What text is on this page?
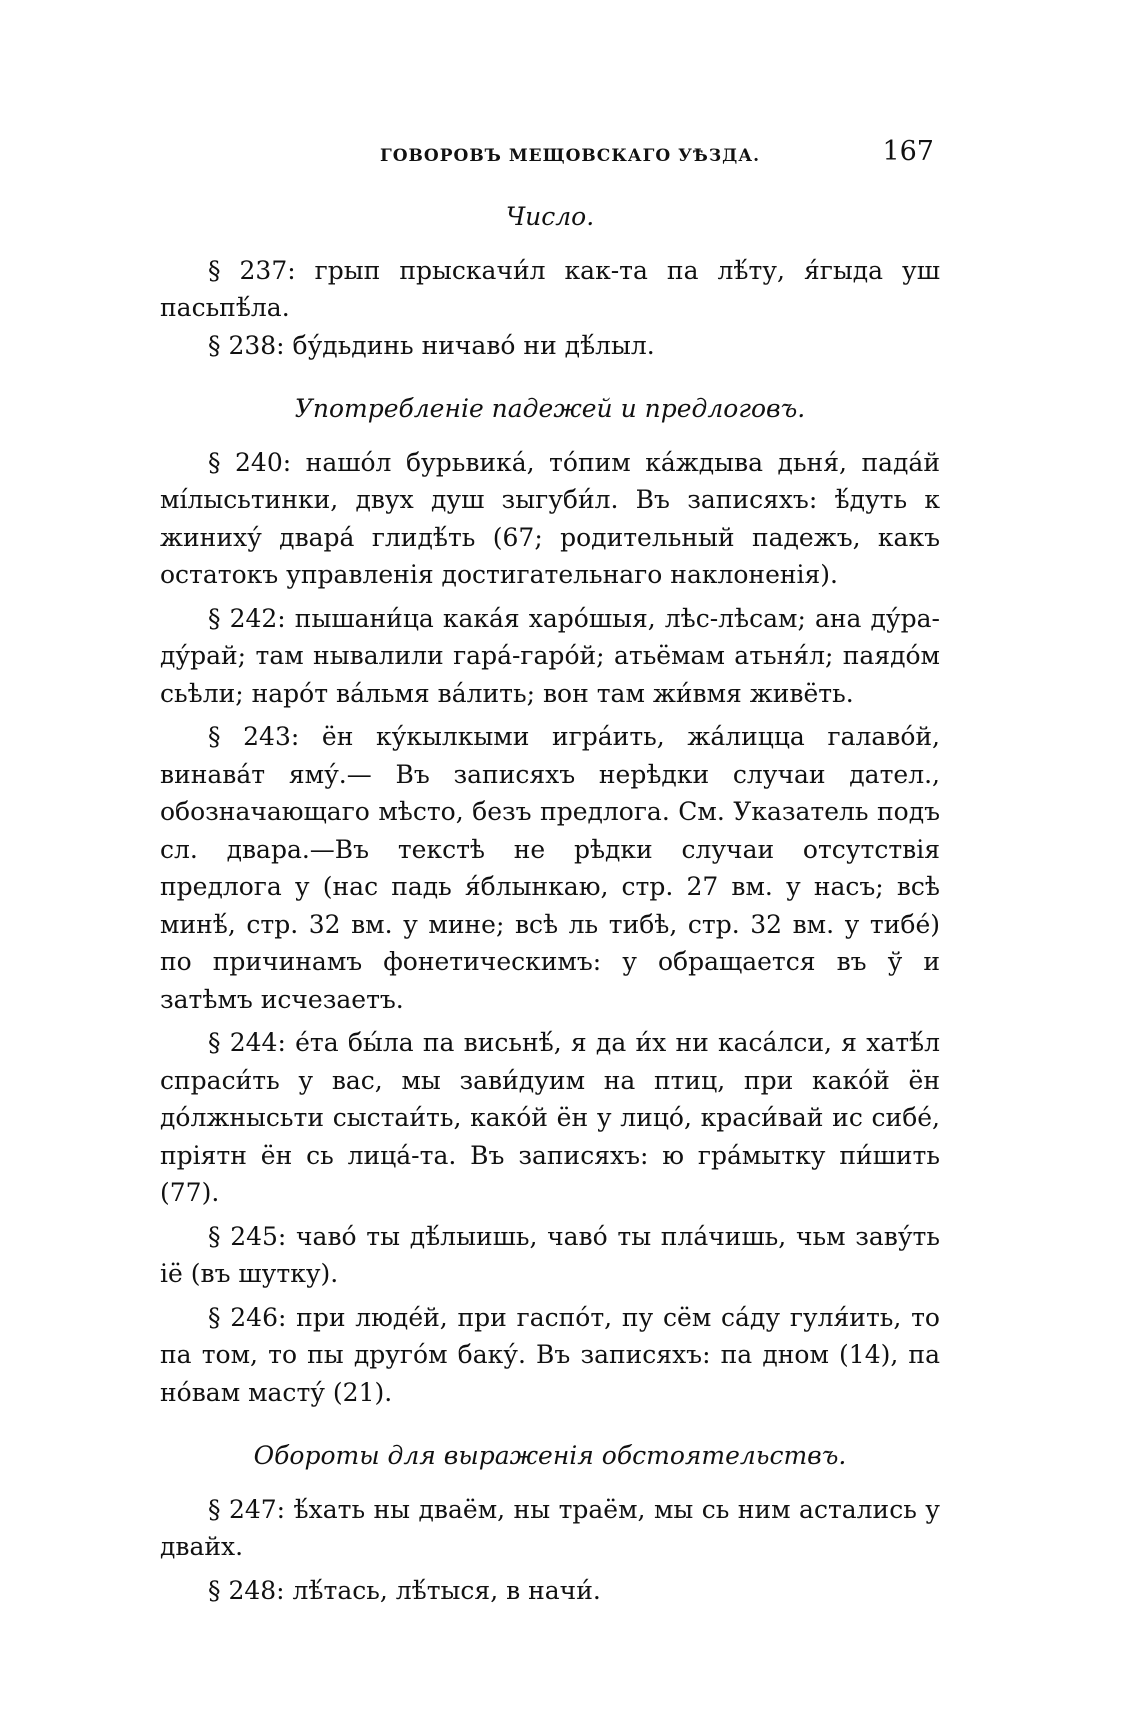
ГОВОРОВЪ МЕЩОВСКАГО УѢЗДА.	167

Число.

§ 237: грып прыскачи́л как-та па лѣ́ту, я́гыда уш пасьпѣ́ла.

§ 238: бу́дьдинь ничаво́ ни дѣ́лыл.

Употребленіе падежей и предлоговъ.

§ 240: нашо́л бурьвика́, то́пим ка́ждыва дьня́, пада́й мі́лысьтинки, двух душ зыгуби́л. Въ записяхъ: ѣ́дуть к жиниху́ двара́ глидѣ́ть (67; родительный падежъ, какъ остатокъ управленія достигательнаго наклоненія).

§ 242: пышани́ца кака́я харо́шыя, лѣс-лѣсам; ана ду́ра-ду́рай; там нывалили гара́-гаро́й; атьёмам атьня́л; паядо́м сьѣли; наро́т ва́льмя ва́лить; вон там жи́вмя живёть.

§ 243: ён ку́кылкыми игра́ить, жа́лицца галаво́й, винава́т яму́.— Въ записяхъ нерѣдки случаи дател., обозначающаго мѣсто, безъ предлога. См. Указатель подъ сл. двара.—Въ текстѣ не рѣдки случаи отсутствія предлога у (нас падь я́блынкаю, стр. 27 вм. у насъ; всѣ минѣ́, стр. 32 вм. у мине; всѣ ль тибѣ, стр. 32 вм. у тибе́) по причинамъ фонетическимъ: у обращается въ ў и затѣмъ исчезаетъ.

§ 244: е́та бы́ла па висьнѣ́, я да и́х ни каса́лси, я хатѣ́л спраси́ть у вас, мы зави́дуим на птиц, при како́й ён до́лжнысьти cыстаи́ть, како́й ён у лицо́, краси́вай ис сибе́, пріятн ён сь лица́-та. Въ записяхъ: ю гра́мытку пи́шить (77).

§ 245: чаво́ ты дѣ́лыишь, чаво́ ты пла́чишь, чьм заву́ть іё (въ шутку).

§ 246: при людéй, при гаспóт, пу сём са́ду гуля́ить, то па том, то пы другóм баку́. Въ записяхъ: па дном (14), па но́вам масту́ (21).

Обороты для выраженія обстоятельствъ.

§ 247: ѣ́хать ны дваём, ны траём, мы сь ним астались у двайх.

§ 248: лѣ́тась, лѣ́тыся, в начи́.
